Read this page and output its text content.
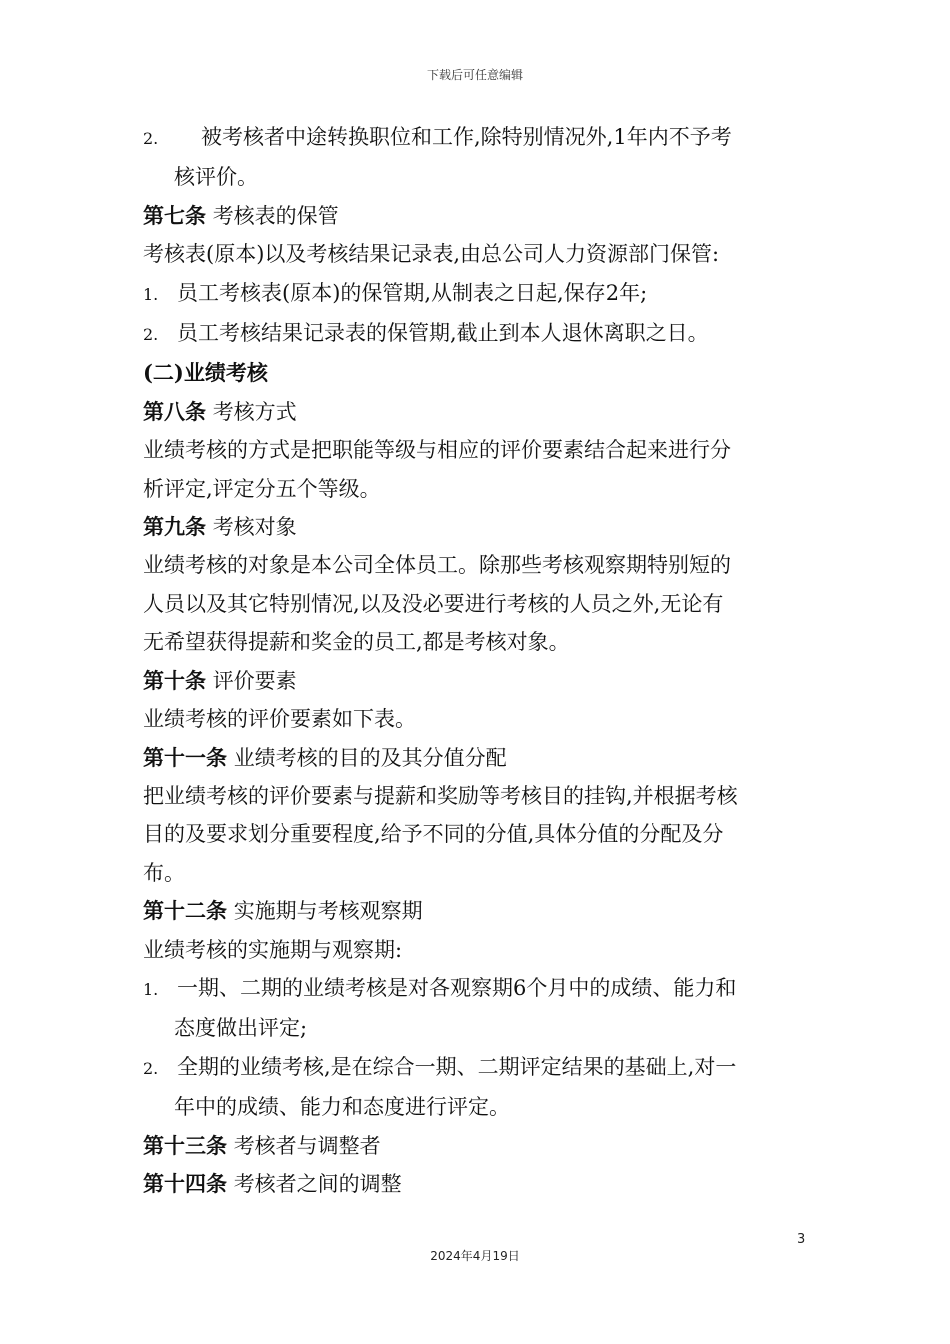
下载后可任意编辑
2. 被考核者中途转换职位和工作,除特别情况外,1年内不予考
核评价。
第七条 考核表的保管
考核表(原本)以及考核结果记录表,由总公司人力资源部门保管:
1. 员工考核表(原本)的保管期,从制表之日起,保存2年;
2. 员工考核结果记录表的保管期,截止到本人退休离职之日。
(二)业绩考核
第八条 考核方式
业绩考核的方式是把职能等级与相应的评价要素结合起来进行分
析评定,评定分五个等级。
第九条 考核对象
业绩考核的对象是本公司全体员工。除那些考核观察期特别短的
人员以及其它特别情况,以及没必要进行考核的人员之外,无论有
无希望获得提薪和奖金的员工,都是考核对象。
第十条 评价要素
业绩考核的评价要素如下表。
第十一条 业绩考核的目的及其分值分配
把业绩考核的评价要素与提薪和奖励等考核目的挂钩,并根据考核
目的及要求划分重要程度,给予不同的分值,具体分值的分配及分
布。
第十二条 实施期与考核观察期
业绩考核的实施期与观察期:
1. 一期、二期的业绩考核是对各观察期6个月中的成绩、能力和
态度做出评定;
2. 全期的业绩考核,是在综合一期、二期评定结果的基础上,对一
年中的成绩、能力和态度进行评定。
第十三条 考核者与调整者
第十四条 考核者之间的调整
3
2024年4月19日
